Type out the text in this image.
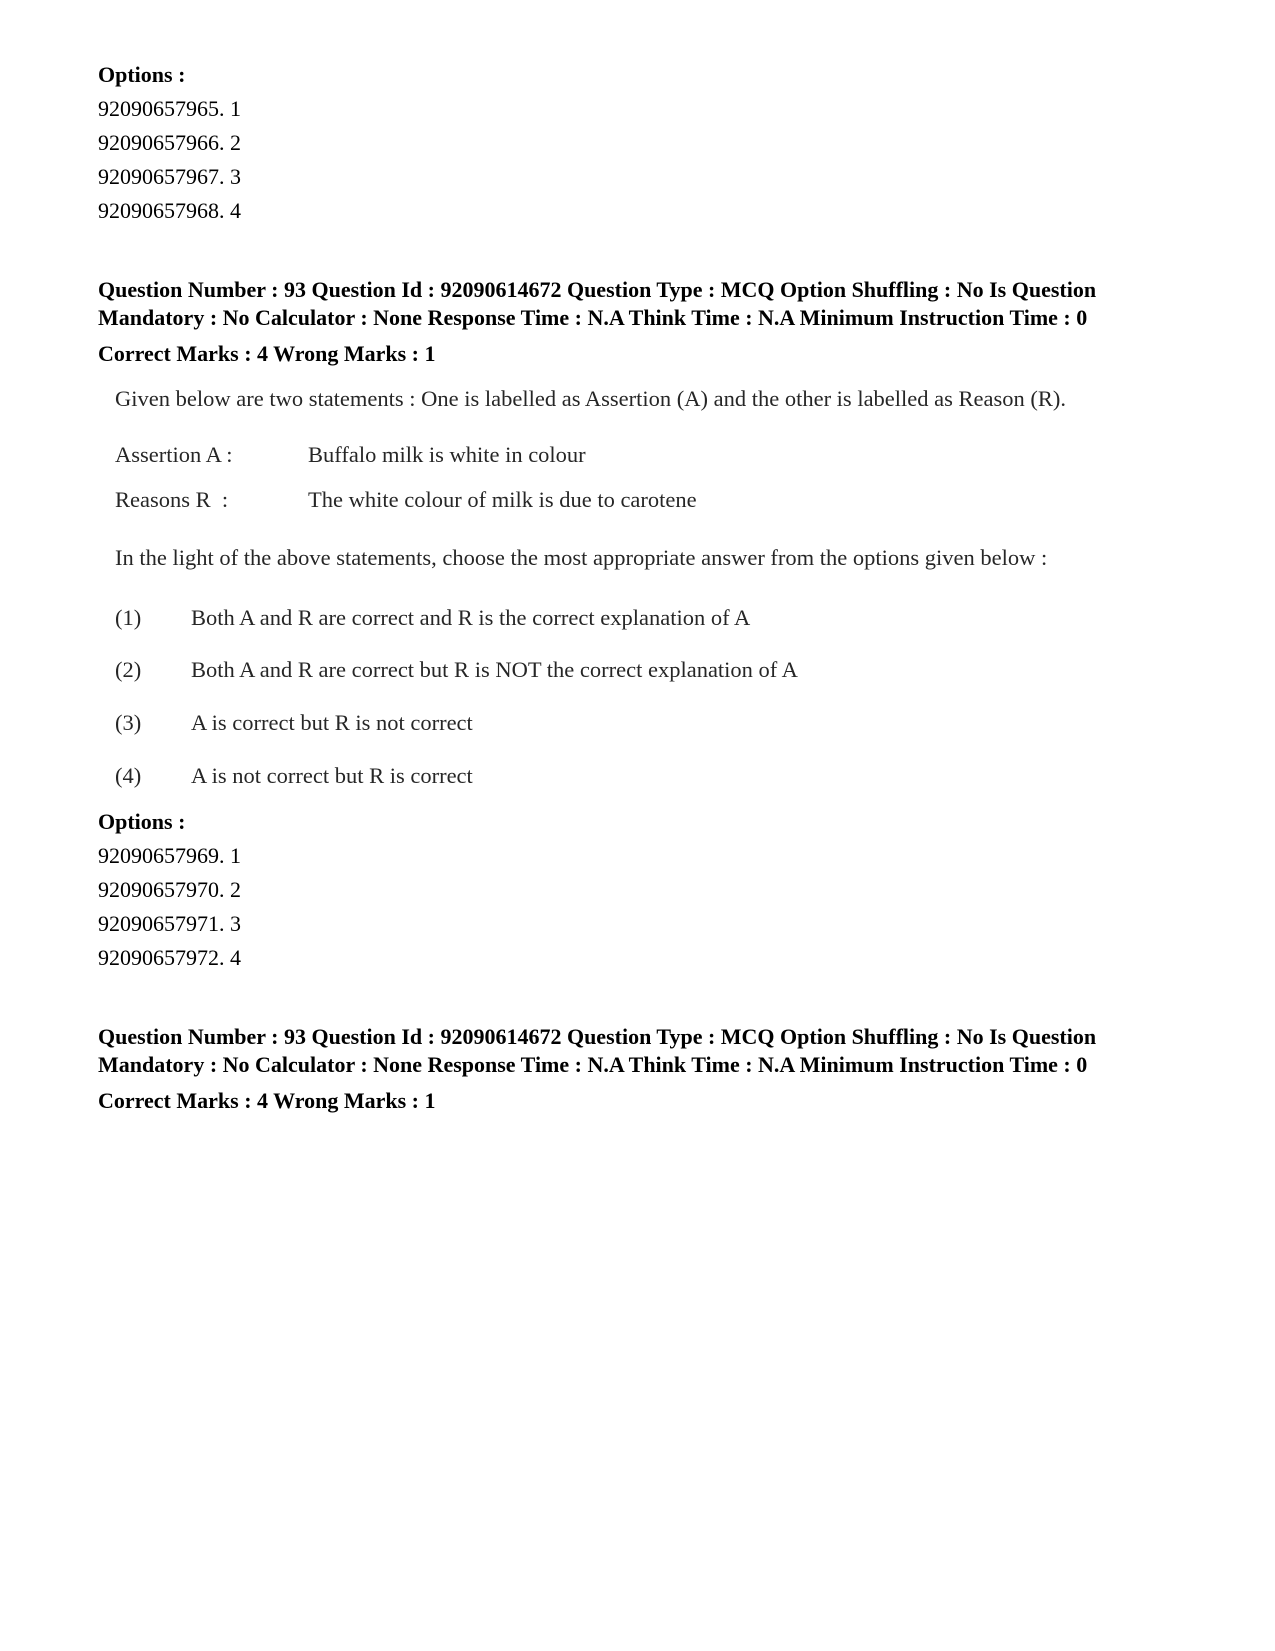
Options :
92090657965. 1
92090657966. 2
92090657967. 3
92090657968. 4
Question Number : 93 Question Id : 92090614672 Question Type : MCQ Option Shuffling : No Is Question Mandatory : No Calculator : None Response Time : N.A Think Time : N.A Minimum Instruction Time : 0
Correct Marks : 4 Wrong Marks : 1
Given below are two statements : One is labelled as Assertion (A) and the other is labelled as Reason (R).
Assertion A :	Buffalo milk is white in colour
Reasons R  :	The white colour of milk is due to carotene
In the light of the above statements, choose the most appropriate answer from the options given below :
(1)	Both A and R are correct and R is the correct explanation of A
(2)	Both A and R are correct but R is NOT the correct explanation of A
(3)	A is correct but R is not correct
(4)	A is not correct but R is correct
Options :
92090657969. 1
92090657970. 2
92090657971. 3
92090657972. 4
Question Number : 93 Question Id : 92090614672 Question Type : MCQ Option Shuffling : No Is Question Mandatory : No Calculator : None Response Time : N.A Think Time : N.A Minimum Instruction Time : 0
Correct Marks : 4 Wrong Marks : 1
